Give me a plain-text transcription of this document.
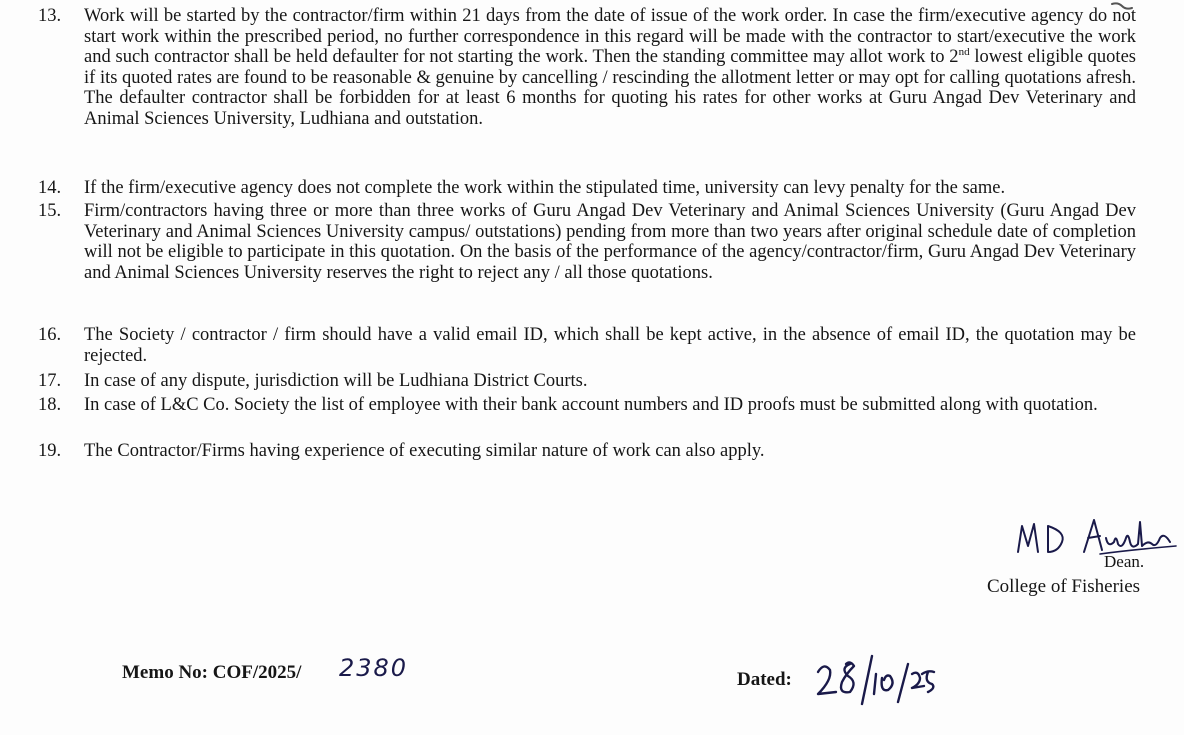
13.	Work will be started by the contractor/firm within 21 days from the date of issue of the work order. In case the firm/executive agency do not start work within the prescribed period, no further correspondence in this regard will be made with the contractor to start/executive the work and such contractor shall be held defaulter for not starting the work. Then the standing committee may allot work to 2nd lowest eligible quotes if its quoted rates are found to be reasonable & genuine by cancelling / rescinding the allotment letter or may opt for calling quotations afresh. The defaulter contractor shall be forbidden for at least 6 months for quoting his rates for other works at Guru Angad Dev Veterinary and Animal Sciences University, Ludhiana and outstation.
14.	If the firm/executive agency does not complete the work within the stipulated time, university can levy penalty for the same.
15.	Firm/contractors having three or more than three works of Guru Angad Dev Veterinary and Animal Sciences University (Guru Angad Dev Veterinary and Animal Sciences University campus/ outstations) pending from more than two years after original schedule date of completion will not be eligible to participate in this quotation. On the basis of the performance of the agency/contractor/firm, Guru Angad Dev Veterinary and Animal Sciences University reserves the right to reject any / all those quotations.
16.	The Society / contractor / firm should have a valid email ID, which shall be kept active, in the absence of email ID, the quotation may be rejected.
17.	In case of any dispute, jurisdiction will be Ludhiana District Courts.
18.	In case of L&C Co. Society the list of employee with their bank account numbers and ID proofs must be submitted along with quotation.
19.	The Contractor/Firms having experience of executing similar nature of work can also apply.
Dean.
College of Fisheries
Memo No: COF/2025/ 2380	Dated:
